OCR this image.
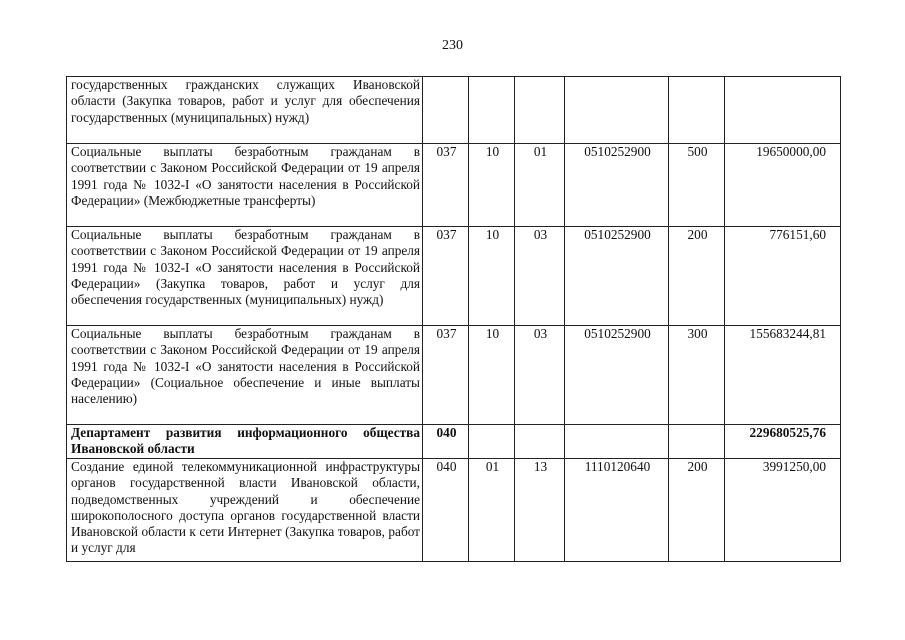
230
государственных гражданских служащих Ивановской области (Закупка товаров, работ и услуг для обеспечения государственных (муниципальных) нужд)						
Социальные выплаты безработным гражданам в соответствии с Законом Российской Федерации от 19 апреля 1991 года № 1032-I «О занятости населения в Российской Федерации» (Межбюджетные трансферты)	037	10	01	0510252900	500	19650000,00
Социальные выплаты безработным гражданам в соответствии с Законом Российской Федерации от 19 апреля 1991 года № 1032-I «О занятости населения в Российской Федерации» (Закупка товаров, работ и услуг для обеспечения государственных (муниципальных) нужд)	037	10	03	0510252900	200	776151,60
Социальные выплаты безработным гражданам в соответствии с Законом Российской Федерации от 19 апреля 1991 года № 1032-I «О занятости населения в Российской Федерации» (Социальное обеспечение и иные выплаты населению)	037	10	03	0510252900	300	155683244,81
Департамент развития информационного общества Ивановской области	040					229680525,76
Создание единой телекоммуникационной инфраструктуры органов государственной власти Ивановской области, подведомственных учреждений и обеспечение широкополосного доступа органов государственной власти Ивановской области к сети Интернет (Закупка товаров, работ и услуг для	040	01	13	1110120640	200	3991250,00
